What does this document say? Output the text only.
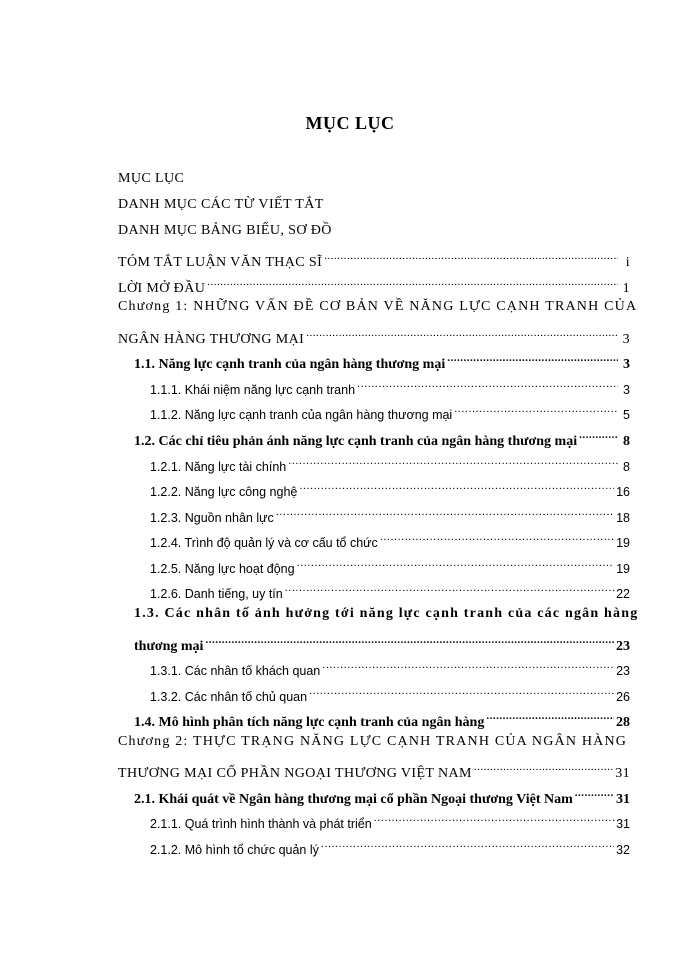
MỤC LỤC
MỤC LỤC
DANH MỤC CÁC TỪ VIẾT TẮT
DANH MỤC BẢNG BIỂU, SƠ ĐỒ
TÓM TẮT LUẬN VĂN THẠC SĨ .....	i
LỜI MỞ ĐẦU .....	1
Chương 1: NHỮNG VẤN ĐỀ CƠ BẢN VỀ NĂNG LỰC CẠNH TRANH CỦA
NGÂN HÀNG THƯƠNG MẠI .....	3
1.1. Năng lực cạnh tranh của ngân hàng thương mại .....	3
1.1.1. Khái niệm năng lực cạnh tranh .....	3
1.1.2. Năng lực cạnh tranh của ngân hàng thương mại .....	5
1.2. Các chỉ tiêu phản ánh năng lực cạnh tranh của ngân hàng thương mại .....	8
1.2.1. Năng lực tài chính .....	8
1.2.2. Năng lực công nghệ .....	16
1.2.3. Nguồn nhân lực .....	18
1.2.4. Trình độ quản lý và cơ cấu tổ chức .....	19
1.2.5. Năng lực hoạt động .....	19
1.2.6. Danh tiếng, uy tín .....	22
1.3. Các nhân tố ảnh hưởng tới năng lực cạnh tranh của các ngân hàng
thương mại .....	23
1.3.1. Các nhân tố khách quan .....	23
1.3.2. Các nhân tố chủ quan .....	26
1.4. Mô hình phân tích năng lực cạnh tranh của ngân hàng .....	28
Chương 2: THỰC TRẠNG NĂNG LỰC CẠNH TRANH CỦA NGÂN HÀNG
THƯƠNG MẠI CỔ PHẦN NGOẠI THƯƠNG VIỆT NAM .....	31
2.1. Khái quát về Ngân hàng thương mại cổ phần Ngoại thương Việt Nam .....	31
2.1.1. Quá trình hình thành và phát triển .....	31
2.1.2. Mô hình tổ chức quản lý .....	32
